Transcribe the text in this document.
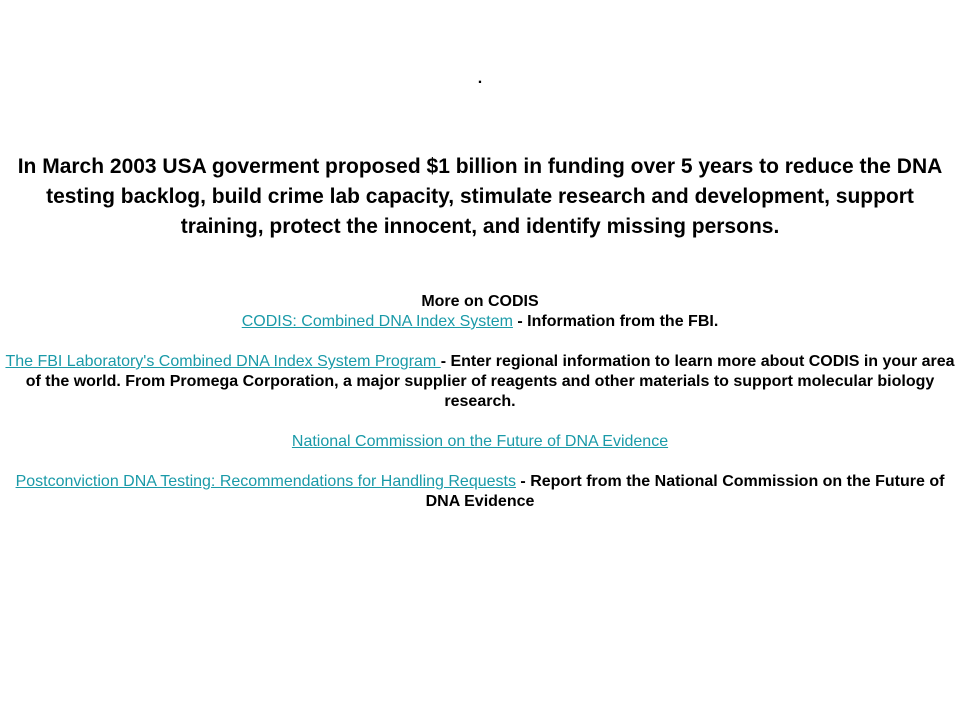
.
In March 2003 USA goverment proposed $1 billion in funding over 5 years to reduce the DNA testing backlog, build crime lab capacity, stimulate research and development, support training, protect the innocent, and identify missing persons.
More on CODIS
CODIS: Combined DNA Index System - Information from the FBI.
The FBI Laboratory's Combined DNA Index System Program - Enter regional information to learn more about CODIS in your area of the world. From Promega Corporation, a major supplier of reagents and other materials to support molecular biology research.
National Commission on the Future of DNA Evidence
Postconviction DNA Testing: Recommendations for Handling Requests - Report from the National Commission on the Future of DNA Evidence
